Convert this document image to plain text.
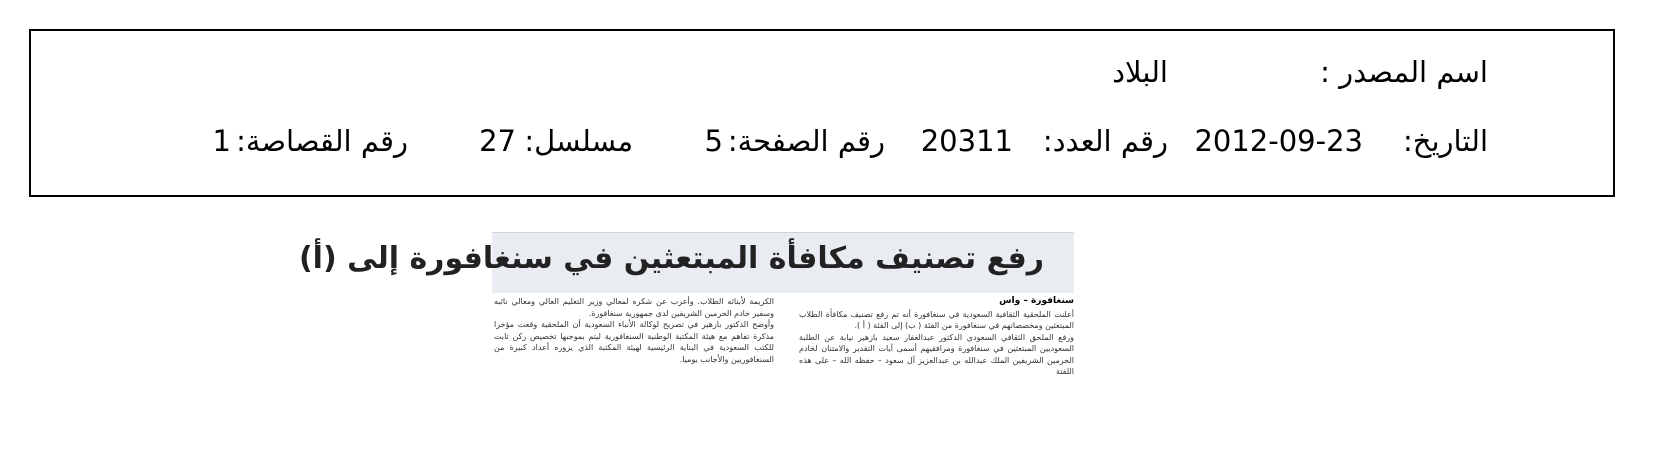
اسم المصدر :
البلاد
التاريخ:
2012-09-23
رقم العدد:
20311
رقم الصفحة:
5
مسلسل:
27
رقم القصاصة:
1
رفع تصنيف مكافأة المبتعثين في سنغافورة إلى (أ)
سنغافورة – واس
أعلنت الملحقية الثقافية السعودية في سنغافورة أنه تم رفع تصنيف مكافأة الطلاب المبتعثين ومخصصاتهم في سنغافورة من الفئة ( ب) إلى الفئة ( أ ).
ورفع الملحق الثقافي السعودي الدكتور عبدالغفار سعيد بازهير نيابة عن الطلبة السعوديين المبتعثين في سنغافورة ومرافقيهم أسمى آيات التقدير والامتنان لخادم الحرمين الشريفين الملك عبدالله بن عبدالعزيز آل سعود – حفظه الله – على هذه اللفتة
الكريمة لأبنائه الطلاب. وأعرب عن شكره لمعالي وزير التعليم العالي ومعالي نائبه وسفير خادم الحرمين الشريفين لدى جمهورية سنغافورة.
وأوضح الدكتور بازهير في تصريح لوكالة الأنباء السعودية أن الملحقية وقعت مؤخرا مذكرة تفاهم مع هيئة المكتبة الوطنية السنغافورية ليتم بموجبها تخصيص ركن ثابت للكتب السعودية في البناية الرئيسية لهيئة المكتبة الذي يزوره أعداد كبيرة من السنغافوريين والأجانب يوميا.
